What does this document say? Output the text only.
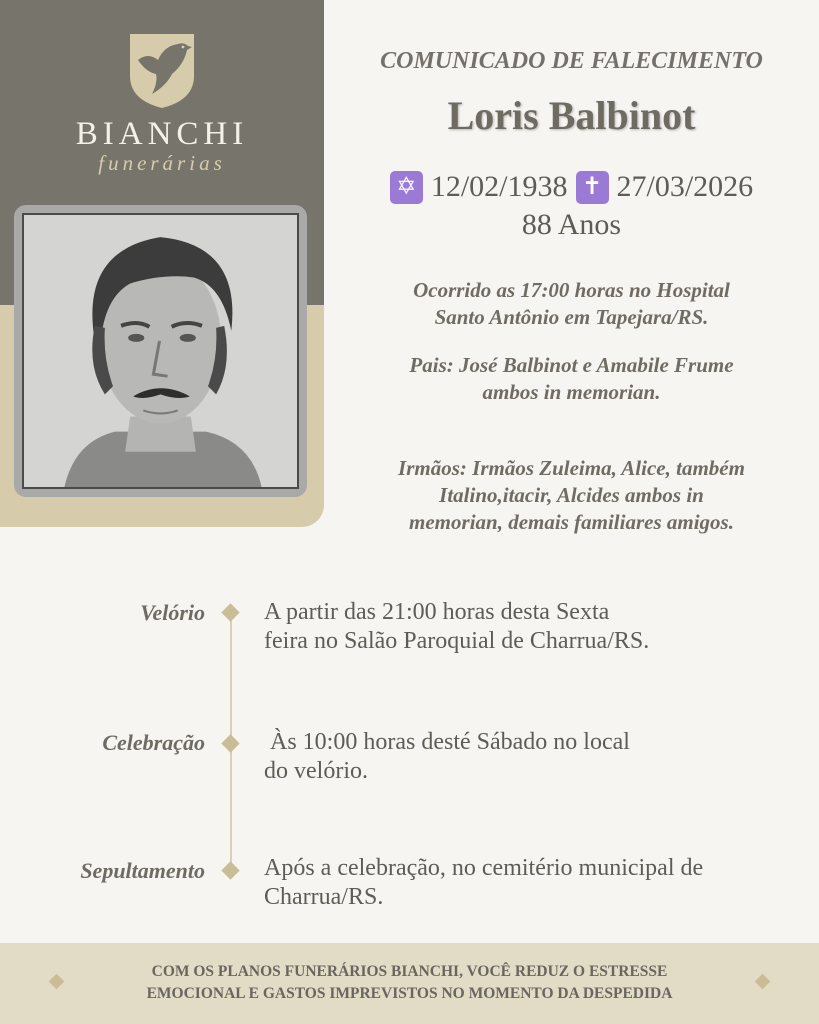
BIANCHI
funerárias
COMUNICADO DE FALECIMENTO
Loris Balbinot
✡ 12/02/1938 ✝ 27/03/2026
88 Anos
Ocorrido as 17:00 horas no Hospital
Santo Antônio em Tapejara/RS.
Pais: José Balbinot e Amabile Frume
ambos in memorian.
Irmãos: Irmãos Zuleima, Alice, também
Italino,itacir, Alcides ambos in
memorian, demais familiares amigos.
Velório A partir das 21:00 horas desta Sexta
feira no Salão Paroquial de Charrua/RS.
Celebração Às 10:00 horas desté Sábado no local
do velório.
Sepultamento Após a celebração, no cemitério municipal de
Charrua/RS.
COM OS PLANOS FUNERÁRIOS BIANCHI, VOCÊ REDUZ O ESTRESSE
EMOCIONAL E GASTOS IMPREVISTOS NO MOMENTO DA DESPEDIDA
